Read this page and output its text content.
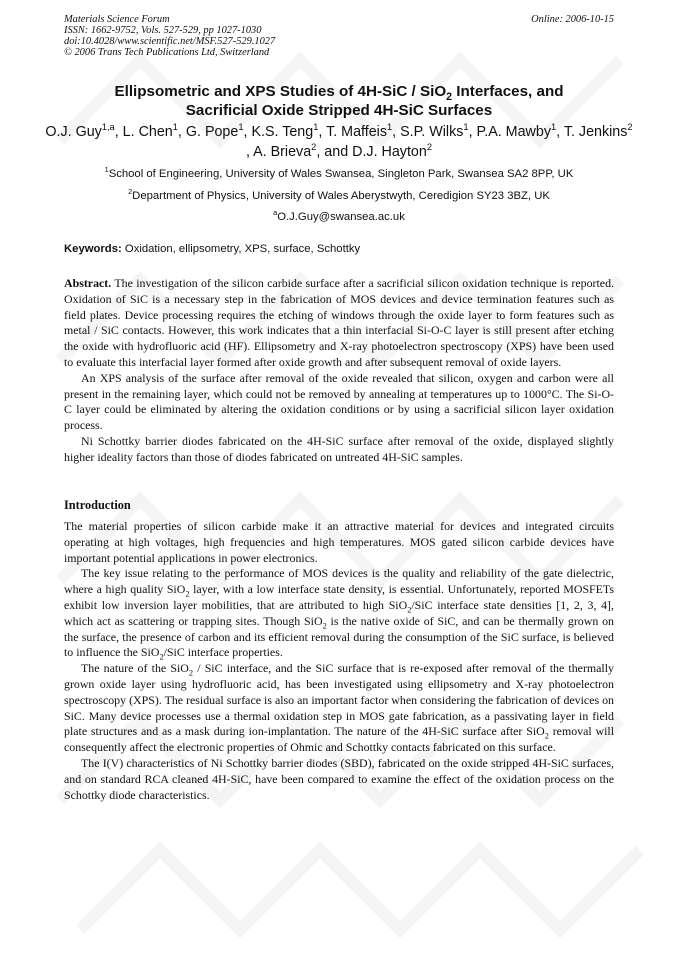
Materials Science Forum
ISSN: 1662-9752, Vols. 527-529, pp 1027-1030
doi:10.4028/www.scientific.net/MSF.527-529.1027
© 2006 Trans Tech Publications Ltd, Switzerland
Online: 2006-10-15
Ellipsometric and XPS Studies of 4H-SiC / SiO$_2$ Interfaces, and
Sacrificial Oxide Stripped 4H-SiC Surfaces
O.J. Guy$^{1,a}$, L. Chen$^1$, G. Pope$^1$, K.S. Teng$^1$, T. Maffeis$^1$, S.P. Wilks$^1$, P.A. Mawby$^1$, T. Jenkins$^2$ , A. Brieva$^2$, and D.J. Hayton$^2$
$^1$School of Engineering, University of Wales Swansea, Singleton Park, Swansea SA2 8PP, UK
$^2$Department of Physics, University of Wales Aberystwyth, Ceredigion SY23 3BZ, UK
$^a$O.J.Guy@swansea.ac.uk
Keywords: Oxidation, ellipsometry, XPS, surface, Schottky

Abstract. The investigation of the silicon carbide surface after a sacrificial silicon oxidation technique is reported. Oxidation of SiC is a necessary step in the fabrication of MOS devices and device termination features such as field plates. Device processing requires the etching of windows through the oxide layer to form features such as metal / SiC contacts. However, this work indicates that a thin interfacial Si-O-C layer is still present after etching the oxide with hydrofluoric acid (HF). Ellipsometry and X-ray photoelectron spectroscopy (XPS) have been used to evaluate this interfacial layer formed after oxide growth and after subsequent removal of oxide layers.

An XPS analysis of the surface after removal of the oxide revealed that silicon, oxygen and carbon were all present in the remaining layer, which could not be removed by annealing at temperatures up to 1000°C. The Si-O-C layer could be eliminated by altering the oxidation conditions or by using a sacrificial silicon layer oxidation process.

Ni Schottky barrier diodes fabricated on the 4H-SiC surface after removal of the oxide, displayed slightly higher ideality factors than those of diodes fabricated on untreated 4H-SiC samples.

Introduction

The material properties of silicon carbide make it an attractive material for devices and integrated circuits operating at high voltages, high frequencies and high temperatures. MOS gated silicon carbide devices have important potential applications in power electronics.

The key issue relating to the performance of MOS devices is the quality and reliability of the gate dielectric, where a high quality SiO$_2$ layer, with a low interface state density, is essential. Unfortunately, reported MOSFETs exhibit low inversion layer mobilities, that are attributed to high SiO$_2$/SiC interface state densities [1, 2, 3, 4], which act as scattering or trapping sites. Though SiO$_2$ is the native oxide of SiC, and can be thermally grown on the surface, the presence of carbon and its efficient removal during the consumption of the SiC surface, is believed to influence the SiO$_2$/SiC interface properties.

The nature of the SiO$_2$ / SiC interface, and the SiC surface that is re-exposed after removal of the thermally grown oxide layer using hydrofluoric acid, has been investigated using ellipsometry and X-ray photoelectron spectroscopy (XPS). The residual surface is also an important factor when considering the fabrication of devices on SiC. Many device processes use a thermal oxidation step in MOS gate fabrication, as a passivating layer in field plate structures and as a mask during ion-implantation. The nature of the 4H-SiC surface after SiO$_2$ removal will consequently affect the electronic properties of Ohmic and Schottky contacts fabricated on this surface.

The I(V) characteristics of Ni Schottky barrier diodes (SBD), fabricated on the oxide stripped 4H-SiC surfaces, and on standard RCA cleaned 4H-SiC, have been compared to examine the effect of the oxidation process on the Schottky diode characteristics.
